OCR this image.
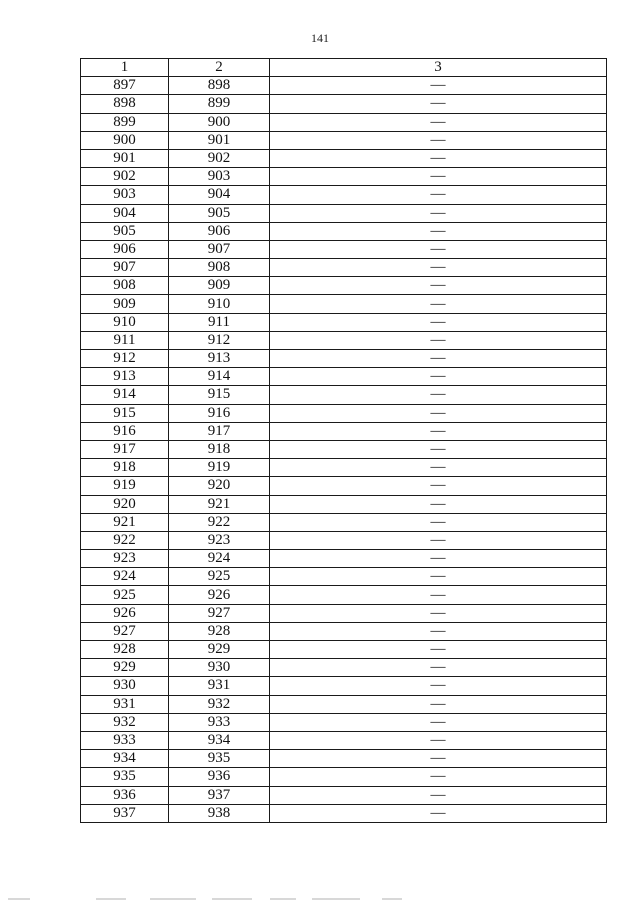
141
1	2	3
897	898	—
898	899	—
899	900	—
900	901	—
901	902	—
902	903	—
903	904	—
904	905	—
905	906	—
906	907	—
907	908	—
908	909	—
909	910	—
910	911	—
911	912	—
912	913	—
913	914	—
914	915	—
915	916	—
916	917	—
917	918	—
918	919	—
919	920	—
920	921	—
921	922	—
922	923	—
923	924	—
924	925	—
925	926	—
926	927	—
927	928	—
928	929	—
929	930	—
930	931	—
931	932	—
932	933	—
933	934	—
934	935	—
935	936	—
936	937	—
937	938	—
